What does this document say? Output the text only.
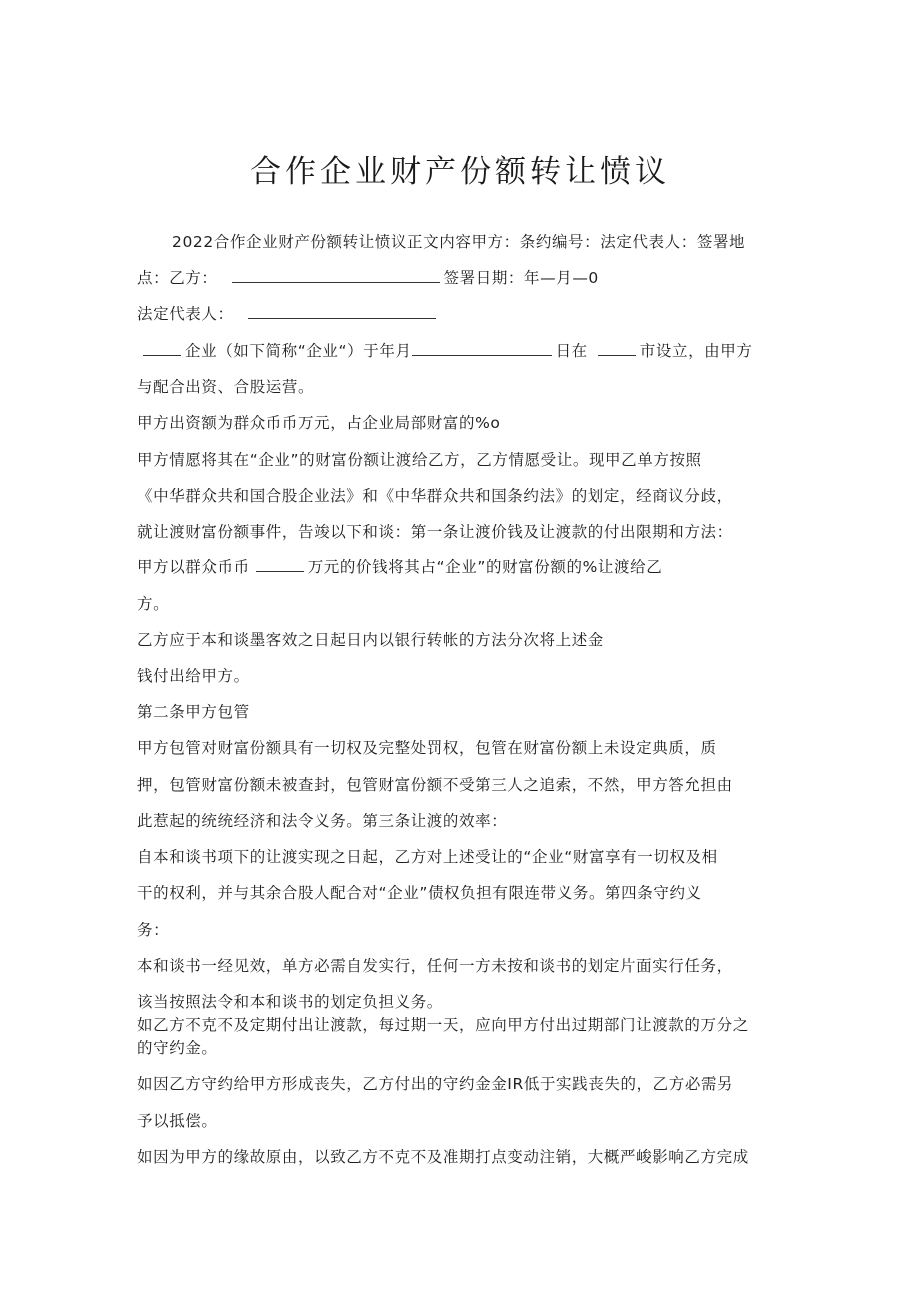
合作企业财产份额转让愤议
2022合作企业财产份额转让愤议正文内容甲方：条约编号：法定代表人：签署地
点：乙方：	签署日期：年—月—0
法定代表人：
企业（如下简称“企业“）于年月	日在	市设立，由甲方
与配合出资、合股运营。
甲方出资额为群众币币万元，占企业局部财富的%o
甲方情愿将其在“企业”的财富份额让渡给乙方，乙方情愿受让。现甲乙单方按照
《中华群众共和国合股企业法》和《中华群众共和国条约法》的划定，经商议分歧，
就让渡财富份额事件，告竣以下和谈：第一条让渡价钱及让渡款的付出限期和方法：
甲方以群众币币	万元的价钱将其占“企业”的财富份额的%让渡给乙
方。
乙方应于本和谈墨客效之日起日内以银行转帐的方法分次将上述金
钱付出给甲方。
第二条甲方包管
甲方包管对财富份额具有一切权及完整处罚权，包管在财富份额上未设定典质，质
押，包管财富份额未被查封，包管财富份额不受第三人之追索，不然，甲方答允担由
此惹起的统统经济和法令义务。第三条让渡的效率：
自本和谈书项下的让渡实现之日起，乙方对上述受让的“企业“财富享有一切权及相
干的权利，并与其余合股人配合对“企业”债权负担有限连带义务。第四条守约义
务：
本和谈书一经见效，单方必需自发实行，任何一方未按和谈书的划定片面实行任务，
该当按照法令和本和谈书的划定负担义务。
如乙方不克不及定期付出让渡款，每过期一天，应向甲方付出过期部门让渡款的万分之
的守约金。
如因乙方守约给甲方形成丧失，乙方付出的守约金金IR低于实践丧失的，乙方必需另
予以抵偿。
如因为甲方的缘故原由，以致乙方不克不及准期打点变动注销，大概严峻影响乙方完成
